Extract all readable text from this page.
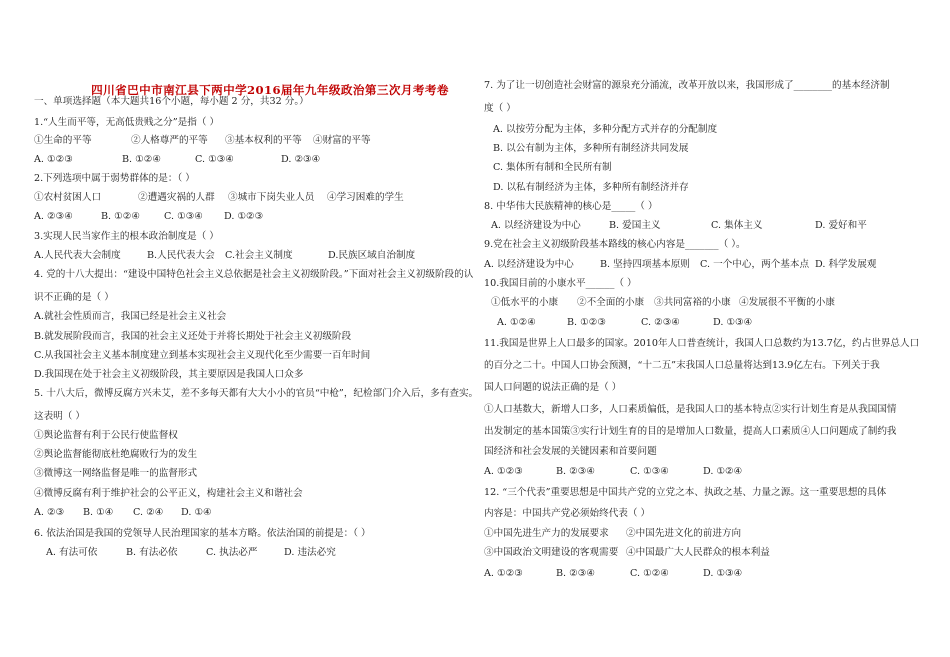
四川省巴中市南江县下两中学2016届年九年级政治第三次月考考卷
一、单项选择题（本大题共16个小题，每小题 2 分，共32 分。）
1.“人生而平等，无高低贵贱之分”是指（ ）
①生命的平等	②人格尊严的平等 ③基本权利的平等 ④财富的平等
A. ①②③	B. ①②④	C. ①③④	D. ②③④
2.下列选项中属于弱势群体的是：（ ）
①农村贫困人口	②遭遇灾祸的人群 ③城市下岗失业人员 ④学习困难的学生
A. ②③④	B. ①②④	C. ①③④ D. ①②③
3.实现人民当家作主的根本政治制度是（ ）
A.人民代表大会制度	B.人民代表大会 C.社会主义制度	D.民族区域自治制度
4. 党的十八大提出：“建设中国特色社会主义总依据是社会主义初级阶段。”下面对社会主义初级阶段的认
识不正确的是（ ）
A.就社会性质而言，我国已经是社会主义社会
B.就发展阶段而言，我国的社会主义还处于并将长期处于社会主义初级阶段
C.从我国社会主义基本制度建立到基本实现社会主义现代化至少需要一百年时间
D.我国现在处于社会主义初级阶段，其主要原因是我国人口众多
5. 十八大后，微博反腐方兴未艾，差不多每天都有大大小小的官员“中枪”，纪检部门介入后，多有查实。
这表明（ ）
①舆论监督有利于公民行使监督权
②舆论监督能彻底杜绝腐败行为的发生
③微博这一网络监督是唯一的监督形式
④微博反腐有利于维护社会的公平正义，构建社会主义和谐社会
A. ②③ B. ①④ C. ②④ D. ①④
6. 依法治国是我国的党领导人民治理国家的基本方略。依法治国的前提是：（ ）
A. 有法可依	B. 有法必依	C. 执法必严	D. 违法必究
7. 为了让一切创造社会财富的源泉充分涌流，改革开放以来，我国形成了________的基本经济制
度（ ）
A. 以按劳分配为主体，多种分配方式并存的分配制度
B. 以公有制为主体，多种所有制经济共同发展
C. 集体所有制和全民所有制
D. 以私有制经济为主体，多种所有制经济并存
8. 中华伟大民族精神的核心是_____（ ）
A. 以经济建设为中心	B. 爱国主义	C. 集体主义	D. 爱好和平
9.党在社会主义初级阶段基本路线的核心内容是_______（ ）。
A. 以经济建设为中心	B. 坚持四项基本原则 C. 一个中心，两个基本点 D. 科学发展观
10.我国目前的小康水平______（ ）
①低水平的小康 ②不全面的小康 ③共同富裕的小康 ④发展很不平衡的小康
A. ①②④	B. ①②③	C. ②③④	D. ①③④
11.我国是世界上人口最多的国家。2010年人口普查统计，我国人口总数约为13.7亿，约占世界总人口
的百分之二十。中国人口协会预测，“十二五”末我国人口总量将达到13.9亿左右。下列关于我
国人口问题的说法正确的是（ ）
①人口基数大，新增人口多，人口素质偏低，是我国人口的基本特点②实行计划生育是从我国国情
出发制定的基本国策③实行计划生育的目的是增加人口数量，提高人口素质④人口问题成了制约我
国经济和社会发展的关键因素和首要问题
A. ①②③	B. ②③④	C. ①③④	D. ①②④
12. “三个代表”重要思想是中国共产党的立党之本、执政之基、力量之源。这一重要思想的具体
内容是：中国共产党必须始终代表（ ）
①中国先进生产力的发展要求 ②中国先进文化的前进方向
③中国政治文明建设的客观需要 ④中国最广大人民群众的根本利益
A. ①②③	B. ②③④	C. ①②④	D. ①③④
